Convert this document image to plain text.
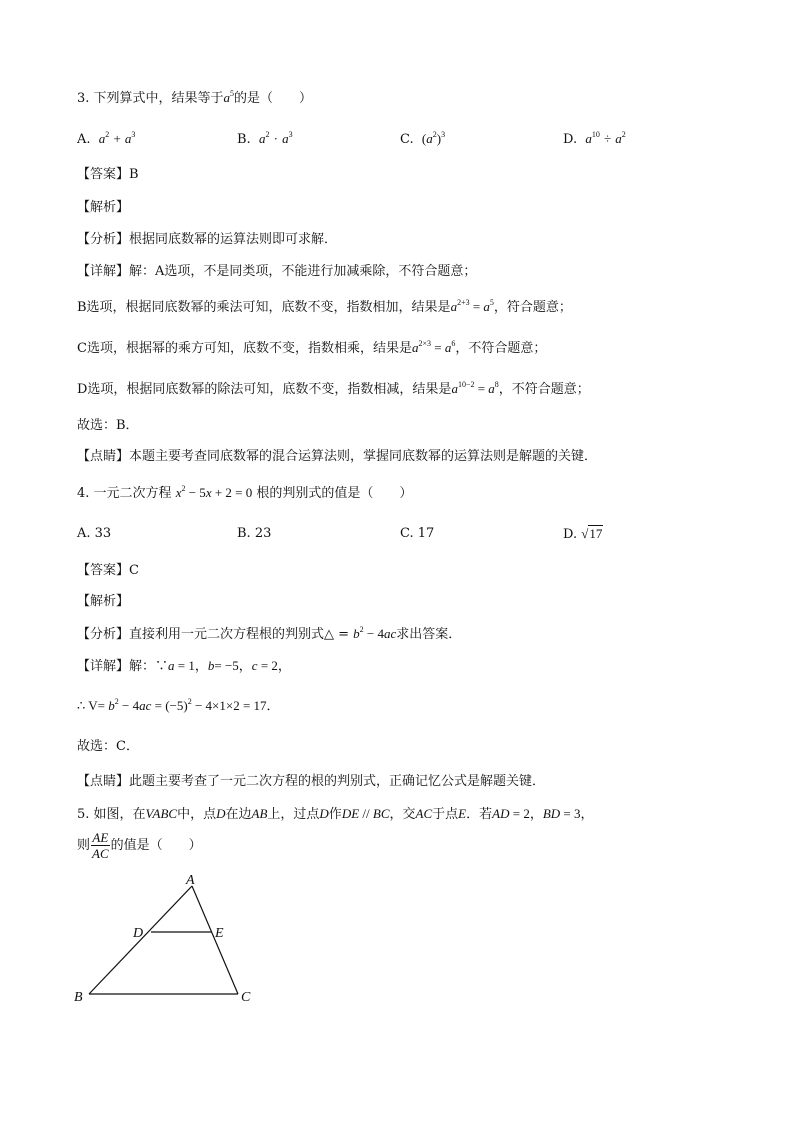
3. 下列算式中，结果等于$a^5$的是（　　）
A. $a^2 + a^3$	B. $a^2 \cdot a^3$	C. $(a^2)^3$	D. $a^{10} \div a^2$
【答案】B
【解析】
【分析】根据同底数幂的运算法则即可求解．
【详解】解：A选项，不是同类项，不能进行加减乘除，不符合题意；
B选项，根据同底数幂的乘法可知，底数不变，指数相加，结果是$a^{2+3} = a^5$，符合题意；
C选项，根据幂的乘方可知，底数不变，指数相乘，结果是$a^{2\times 3} = a^6$，不符合题意；
D选项，根据同底数幂的除法可知，底数不变，指数相减，结果是$a^{10-2} = a^8$，不符合题意；
故选：B．
【点睛】本题主要考查同底数幂的混合运算法则，掌握同底数幂的运算法则是解题的关键．
4. 一元二次方程 $x^2 - 5x + 2 = 0$ 根的判别式的值是（　　）
A. 33	B. 23	C. 17	D. √17
【答案】C
【解析】
【分析】直接利用一元二次方程根的判别式△ = $b^2 - 4ac$求出答案．
【详解】解：∵a = 1，b= −5，c = 2，
∴ $V= b^2 - 4ac = (-5)^2 - 4\times 1\times 2 = 17$．
故选：C．
【点睛】此题主要考查了一元二次方程的根的判别式，正确记忆公式是解题关键．
5. 如图，在VABC中，点D在边AB上，过点D作DE // BC，交AC于点E．若AD = 2，BD = 3，
则 $\frac{AE}{AC}$ 的值是（　　）
A
D	E
B	C
